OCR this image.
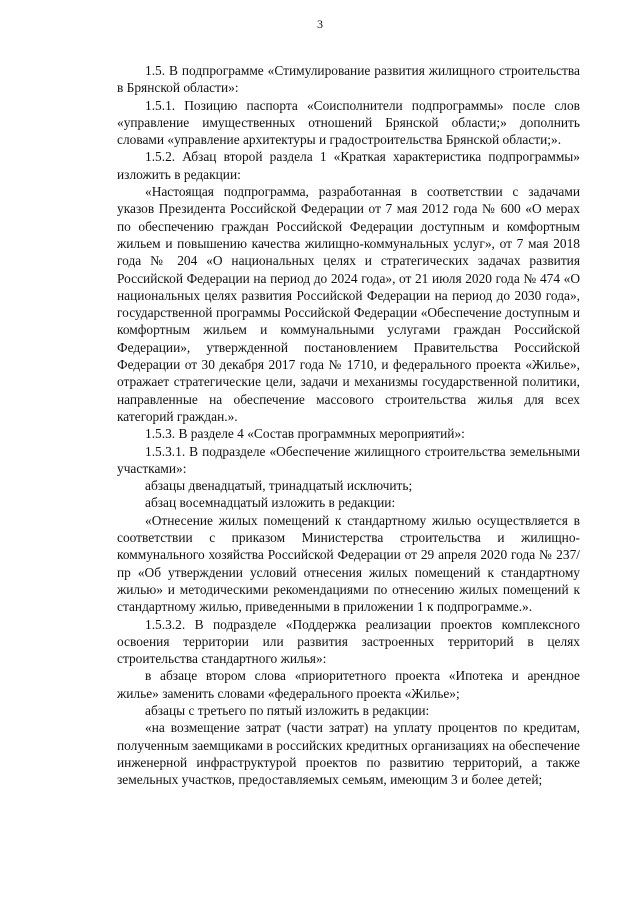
3

1.5. В подпрограмме «Стимулирование развития жилищного строительства в Брянской области»:

1.5.1. Позицию паспорта «Соисполнители подпрограммы» после слов «управление имущественных отношений Брянской области;» дополнить словами «управление архитектуры и градостроительства Брянской области;».

1.5.2. Абзац второй раздела 1 «Краткая характеристика подпрограммы» изложить в редакции:

«Настоящая подпрограмма, разработанная в соответствии с задачами указов Президента Российской Федерации от 7 мая 2012 года № 600 «О мерах по обеспечению граждан Российской Федерации доступным и комфортным жильем и повышению качества жилищно-коммунальных услуг», от 7 мая 2018 года № 204 «О национальных целях и стратегических задачах развития Российской Федерации на период до 2024 года», от 21 июля 2020 года № 474 «О национальных целях развития Российской Федерации на период до 2030 года», государственной программы Российской Федерации «Обеспечение доступным и комфортным жильем и коммунальными услугами граждан Российской Федерации», утвержденной постановлением Правительства Российской Федерации от 30 декабря 2017 года № 1710, и федерального проекта «Жилье», отражает стратегические цели, задачи и механизмы государственной политики, направленные на обеспечение массового строительства жилья для всех категорий граждан.».

1.5.3. В разделе 4 «Состав программных мероприятий»:

1.5.3.1. В подразделе «Обеспечение жилищного строительства земельными участками»:

абзацы двенадцатый, тринадцатый исключить;

абзац восемнадцатый изложить в редакции:

«Отнесение жилых помещений к стандартному жилью осуществляется в соответствии с приказом Министерства строительства и жилищно-коммунального хозяйства Российской Федерации от 29 апреля 2020 года № 237/пр «Об утверждении условий отнесения жилых помещений к стандартному жилью» и методическими рекомендациями по отнесению жилых помещений к стандартному жилью, приведенными в приложении 1 к подпрограмме.».

1.5.3.2. В подразделе «Поддержка реализации проектов комплексного освоения территории или развития застроенных территорий в целях строительства стандартного жилья»:

в абзаце втором слова «приоритетного проекта «Ипотека и арендное жилье» заменить словами «федерального проекта «Жилье»;

абзацы с третьего по пятый изложить в редакции:

«на возмещение затрат (части затрат) на уплату процентов по кредитам, полученным заемщиками в российских кредитных организациях на обеспечение инженерной инфраструктурой проектов по развитию территорий, а также земельных участков, предоставляемых семьям, имеющим 3 и более детей;
